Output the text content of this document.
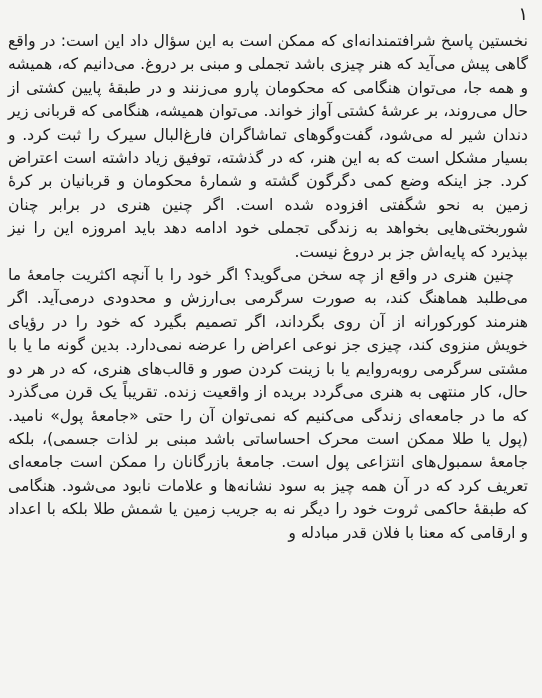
۱

نخستین پاسخ شرافتمندانه‌ای که ممکن است به این سؤال داد این است: در واقع گاهی پیش می‌آید که هنر چیزی باشد تجملی و مبنی بر دروغ. می‌دانیم که، همیشه و همه جا، می‌توان هنگامی که محکومان پارو می‌زنند و در طبقهٔ پایین کشتی از حال می‌روند، بر عرشهٔ کشتی آواز خواند. می‌توان همیشه، هنگامی که قربانی زیر دندان شیر له می‌شود، گفت‌وگوهای تماشاگران فارغ‌البال سیرک را ثبت کرد. و بسیار مشکل است که به این هنر، که در گذشته، توفیق زیاد داشته است اعتراض کرد. جز اینکه وضع کمی دگرگون گشته و شمارهٔ محکومان و قربانیان بر کرهٔ زمین به نحو شگفتی افزوده شده است. اگر چنین هنری در برابر چنان شوربختی‌هایی بخواهد به زندگی تجملی خود ادامه دهد باید امروزه این را نیز بپذیرد که پایه‌اش جز بر دروغ نیست.

چنین هنری در واقع از چه سخن می‌گوید؟ اگر خود را با آنچه اکثریت جامعهٔ ما می‌طلبد هماهنگ کند، به صورت سرگرمی بی‌ارزش و محدودی درمی‌آید. اگر هنرمند کورکورانه از آن روی بگرداند، اگر تصمیم بگیرد که خود را در رؤیای خویش منزوی کند، چیزی جز نوعی اعراض را عرضه نمی‌دارد. بدین گونه ما یا با مشتی سرگرمی روبه‌روایم یا با زینت کردن صور و قالب‌های هنری، که در هر دو حال، کار منتهی به هنری می‌گردد بریده از واقعیت زنده. تقریباً یک قرن می‌گذرد که ما در جامعه‌ای زندگی می‌کنیم که نمی‌توان آن را حتی «جامعهٔ پول» نامید. (پول یا طلا ممکن است محرک احساساتی باشد مبنی بر لذات جسمی)، بلکه جامعهٔ سمبول‌های انتزاعی پول است. جامعهٔ بازرگانان را ممکن است جامعه‌ای تعریف کرد که در آن همه چیز به سود نشانه‌ها و علامات نابود می‌شود. هنگامی که طبقهٔ حاکمی ثروت خود را دیگر نه به جریب زمین یا شمش طلا بلکه با اعداد و ارقامی که معنا با فلان قدر مبادله و
